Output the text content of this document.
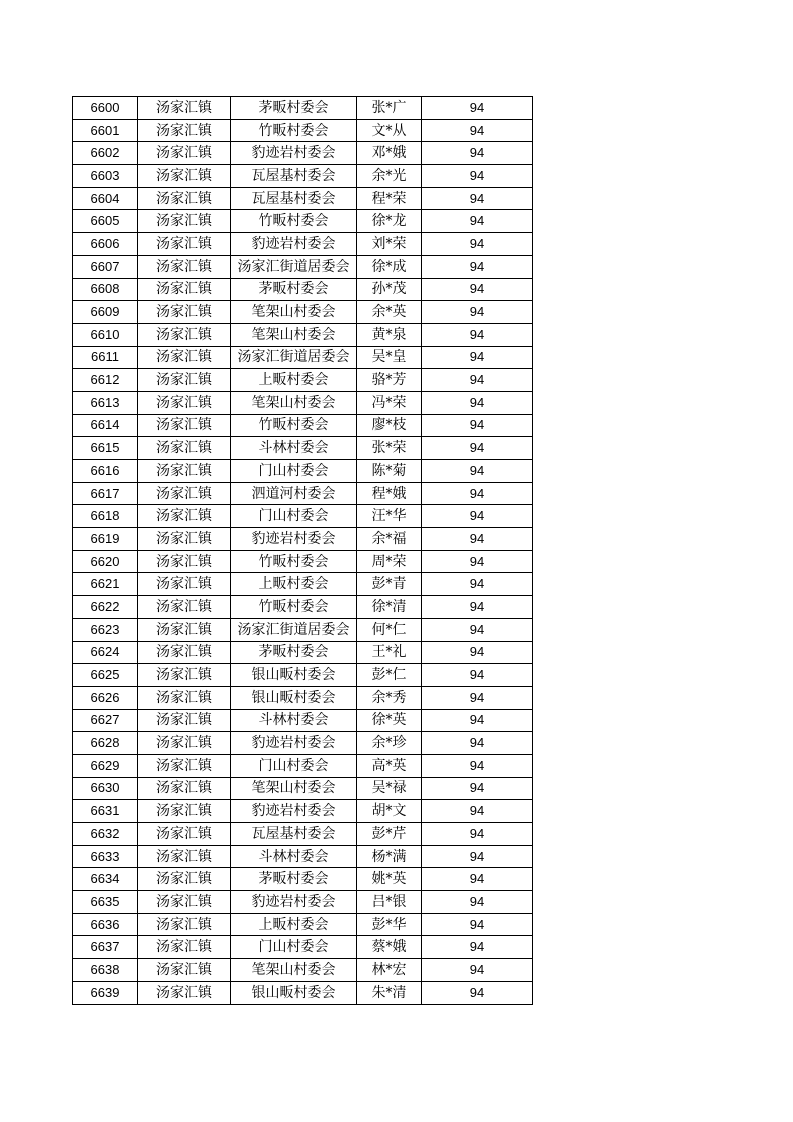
6600	汤家汇镇	茅畈村委会	张*广	94
6601	汤家汇镇	竹畈村委会	文*从	94
6602	汤家汇镇	豹迹岩村委会	邓*娥	94
6603	汤家汇镇	瓦屋基村委会	余*光	94
6604	汤家汇镇	瓦屋基村委会	程*荣	94
6605	汤家汇镇	竹畈村委会	徐*龙	94
6606	汤家汇镇	豹迹岩村委会	刘*荣	94
6607	汤家汇镇	汤家汇街道居委会	徐*成	94
6608	汤家汇镇	茅畈村委会	孙*茂	94
6609	汤家汇镇	笔架山村委会	余*英	94
6610	汤家汇镇	笔架山村委会	黄*泉	94
6611	汤家汇镇	汤家汇街道居委会	吴*皇	94
6612	汤家汇镇	上畈村委会	骆*芳	94
6613	汤家汇镇	笔架山村委会	冯*荣	94
6614	汤家汇镇	竹畈村委会	廖*枝	94
6615	汤家汇镇	斗林村委会	张*荣	94
6616	汤家汇镇	门山村委会	陈*菊	94
6617	汤家汇镇	泗道河村委会	程*娥	94
6618	汤家汇镇	门山村委会	汪*华	94
6619	汤家汇镇	豹迹岩村委会	余*福	94
6620	汤家汇镇	竹畈村委会	周*荣	94
6621	汤家汇镇	上畈村委会	彭*青	94
6622	汤家汇镇	竹畈村委会	徐*清	94
6623	汤家汇镇	汤家汇街道居委会	何*仁	94
6624	汤家汇镇	茅畈村委会	王*礼	94
6625	汤家汇镇	银山畈村委会	彭*仁	94
6626	汤家汇镇	银山畈村委会	余*秀	94
6627	汤家汇镇	斗林村委会	徐*英	94
6628	汤家汇镇	豹迹岩村委会	余*珍	94
6629	汤家汇镇	门山村委会	高*英	94
6630	汤家汇镇	笔架山村委会	吴*禄	94
6631	汤家汇镇	豹迹岩村委会	胡*文	94
6632	汤家汇镇	瓦屋基村委会	彭*芹	94
6633	汤家汇镇	斗林村委会	杨*满	94
6634	汤家汇镇	茅畈村委会	姚*英	94
6635	汤家汇镇	豹迹岩村委会	吕*银	94
6636	汤家汇镇	上畈村委会	彭*华	94
6637	汤家汇镇	门山村委会	蔡*娥	94
6638	汤家汇镇	笔架山村委会	林*宏	94
6639	汤家汇镇	银山畈村委会	朱*清	94
